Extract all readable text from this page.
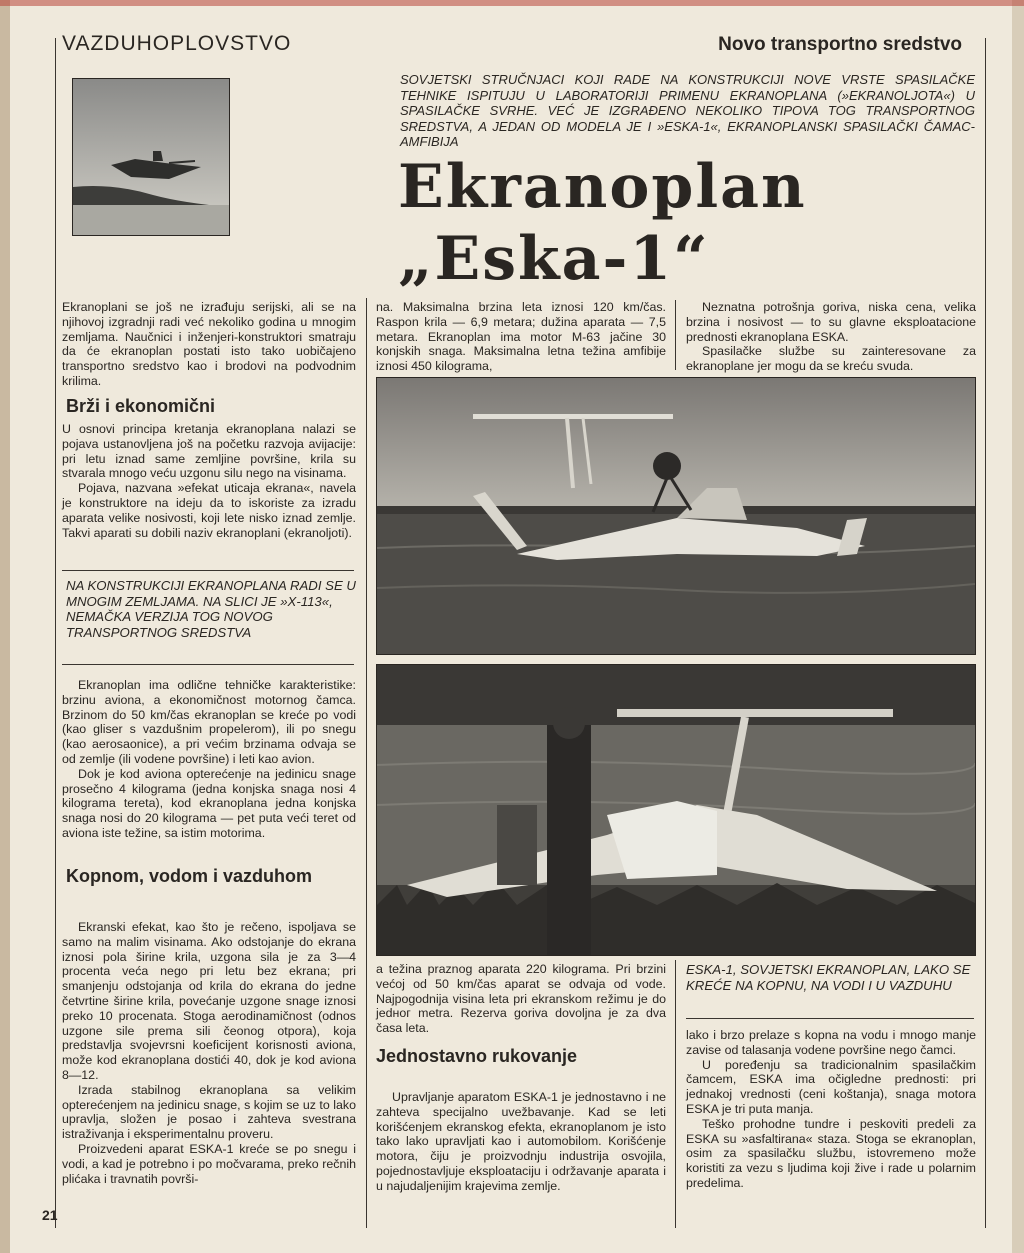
VAZDUHOPLOVSTVO	Novo transportno sredstvo
SOVJETSKI STRUČNJACI KOJI RADE NA KONSTRUKCIJI NOVE VRSTE SPASILAČKE TEHNIKE ISPITUJU U LABORATORIJI PRIMENU EKRANOPLANA (»EKRANOLJOTA«) U SPASILAČKE SVRHE. VEĆ JE IZGRAĐENO NEKOLIKO TIPOVA TOG TRANSPORTNOG SREDSTVA, A JEDAN OD MODELA JE I »ESKA-1«, EKRANOPLANSKI SPASILAČKI ČAMAC-AMFIBIJA
Ekranoplan
„Eska-1“
Ekranoplani se još ne izrađuju serijski, ali se na njihovoj izgradnji radi već nekoliko godina u mnogim zemljama. Naučnici i inženjeri-konstruktori smatraju da će ekranoplan postati isto tako uobičajeno transportno sredstvo kao i brodovi na podvodnim krilima.
Brži i ekonomični
U osnovi principa kretanja ekranoplana nalazi se pojava ustanovljena još na početku razvoja avijacije: pri letu iznad same zemljine površine, krila su stvarala mnogo veću uzgonu silu nego na visinama.
Pojava, nazvana »efekat uticaja ekrana«, navela je konstruktore na ideju da to iskoriste za izradu aparata velike nosivosti, koji lete nisko iznad zemlje. Takvi aparati su dobili naziv ekranoplani (ekranoljoti).
NA KONSTRUKCIJI EKRANOPLANA RADI SE U MNOGIM ZEMLJAMA. NA SLICI JE »X-113«, NEMAČKA VERZIJA TOG NOVOG TRANSPORTNOG SREDSTVA
Ekranoplan ima odlične tehničke karakteristike: brzinu aviona, a ekonomičnost motornog čamca. Brzinom do 50 km/čas ekranoplan se kreće po vodi (kao gliser s vazdušnim propelerom), ili po snegu (kao aerosaonice), a pri većim brzinama odvaja se od zemlje (ili vodene površine) i leti kao avion.
Dok je kod aviona opterećenje na jedinicu snage prosečno 4 kilograma (jedna konjska snaga nosi 4 kilograma tereta), kod ekranoplana jedna konjska snaga nosi do 20 kilograma — pet puta veći teret od aviona iste težine, sa istim motorima.
Kopnom, vodom i vazduhom
Ekranski efekat, kao što je rečeno, ispoljava se samo na malim visinama. Ako odstojanje do ekrana iznosi pola širine krila, uzgona sila je za 3—4 procenta veća nego pri letu bez ekrana; pri smanjenju odstojanja od krila do ekrana do jedne četvrtine širine krila, povećanje uzgone snage iznosi preko 10 procenata. Stoga aerodinamičnost (odnos uzgone sile prema sili čeonog otpora), koja predstavlja svojevrsni koeficijent korisnosti aviona, može kod ekranoplana dostići 40, dok je kod aviona 8—12.
Izrada stabilnog ekranoplana sa velikim opterećenjem na jedinicu snage, s kojim se uz to lako upravlja, složen je posao i zahteva svestrana istraživanja i eksperimentalnu proveru.
Proizvedeni aparat ESKA-1 kreće se po snegu i vodi, a kad je potrebno i po močvarama, preko rečnih plićaka i travnatih površi-
na. Maksimalna brzina leta iznosi 120 km/čas. Raspon krila — 6,9 metara; dužina aparata — 7,5 metara. Ekranoplan ima motor M-63 jačine 30 konjskih snaga. Maksimalna letna težina amfibije iznosi 450 kilograma,
Neznatna potrošnja goriva, niska cena, velika brzina i nosivost — to su glavne eksploatacione prednosti ekranoplana ESKA.
Spasilačke službe su zainteresovane za ekranoplane jer mogu da se kreću svuda.
a težina praznog aparata 220 kilograma. Pri brzini većoj od 50 km/čas aparat se odvaja od vode. Najpogodnija visina leta pri ekranskom režimu je do jedног metra. Rezerva goriva dovoljna je za dva časa leta.
Jednostavno rukovanje
Upravljanje aparatom ESKA-1 je jednostavno i ne zahteva specijalno uvežbavanje. Kad se leti korišćenjem ekranskog efekta, ekranoplanom je isto tako lako upravljati kao i automobilom. Korišćenje motora, čiju je proizvodnju industrija osvojila, pojednostavljuje eksploataciju i održavanje aparata i u najudaljenijim krajevima zemlje.
ESKA-1, SOVJETSKI EKRANOPLAN, LAKO SE KREĆE NA KOPNU, NA VODI I U VAZDUHU
lako i brzo prelaze s kopna na vodu i mnogo manje zavise od talasanja vodene površine nego čamci.
U poređenju sa tradicionalnim spasilačkim čamcem, ESKA ima očigledne prednosti: pri jednakoj vrednosti (ceni koštanja), snaga motora ESKA je tri puta manja.
Teško prohodne tundre i peskoviti predeli za ESKA su »asfaltirana« staza. Stoga se ekranoplan, osim za spasilačku službu, istovremeno može koristiti za vezu s ljudima koji žive i rade u polarnim predelima.
21
